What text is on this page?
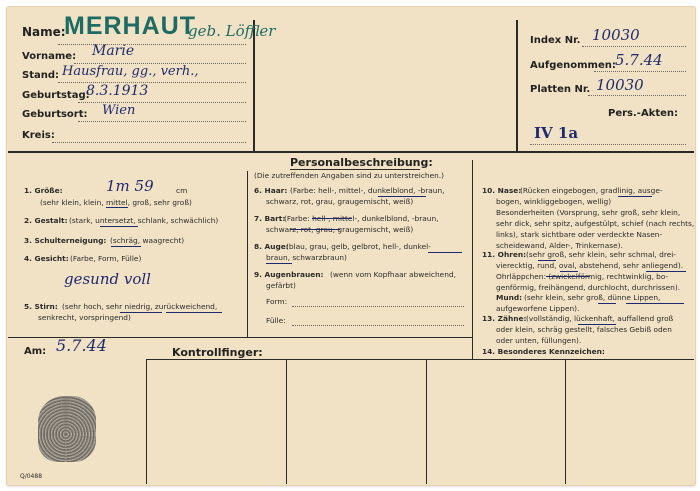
Name:
MERHAUT
geb. Löffler
Vorname: Marie
Stand: Hausfrau, gg., verh.,
Geburtstag:
8.3.1913
Geburtsort: Wien
Kreis:
Index Nr. 10030
Aufgenommen: 5.7.44
Platten Nr. 10030
Pers.-Akten:
IV 1a
Personalbeschreibung:
(Die zutreffenden Angaben sind zu unterstreichen.)
1. Größe:	1m 59	cm
(sehr klein, klein, mittel, groß, sehr groß)
2. Gestalt: (stark, untersetzt, schlank, schwächlich)
3. Schulterneigung: (schräg, waagrecht)
4. Gesicht: (Farbe, Form, Fülle)
gesund voll
5. Stirn: (sehr hoch, sehr niedrig, zurückweichend,
senkrecht, vorspringend)
6. Haar: (Farbe: hell-, mittel-, dunkelblond, -braun,
schwarz, rot, grau, graugemischt, weiß)
7. Bart:
(Farbe: hell-, mittel-, dunkelblond, -braun,
schwarz, rot, grau, graugemischt, weiß)
8. Auge:
(blau, grau, gelb, gelbrot, hell-, dunkel-
braun, schwarzbraun)
9. Augenbrauen: (wenn vom Kopfhaar abweichend,
gefärbt)
Form:
Fülle:
10. Nase:
(Rücken eingebogen, gradlinig, ausge-
bogen, winkliggebogen, wellig)
Besonderheiten (Vorsprung, sehr groß, sehr klein,
sehr dick, sehr spitz, aufgestülpt, schief (nach rechts,
links), stark sichtbare oder verdeckte Nasen-
scheidewand, Alder-, Trinkernase).
11. Ohren: (sehr groß, sehr klein, sehr schmal, drei-
vierecktig, rund, oval, abstehend, sehr anliegend).
Ohrläppchen: (zwickelförmig, rechtwinklig, bo-
genförmig, freihängend, durchlocht, durchrissen).
Mund: (sehr klein, sehr groß, dünne Lippen,
aufgeworfene Lippen).
13. Zähne: (vollständig, lückenhaft, auffallend groß
oder klein, schräg gestellt, falsches Gebiß oden
oder unten, füllungen).
14. Besonderes Kennzeichen:
Am: 5.7.44	Kontrollfinger:
Q/0488
